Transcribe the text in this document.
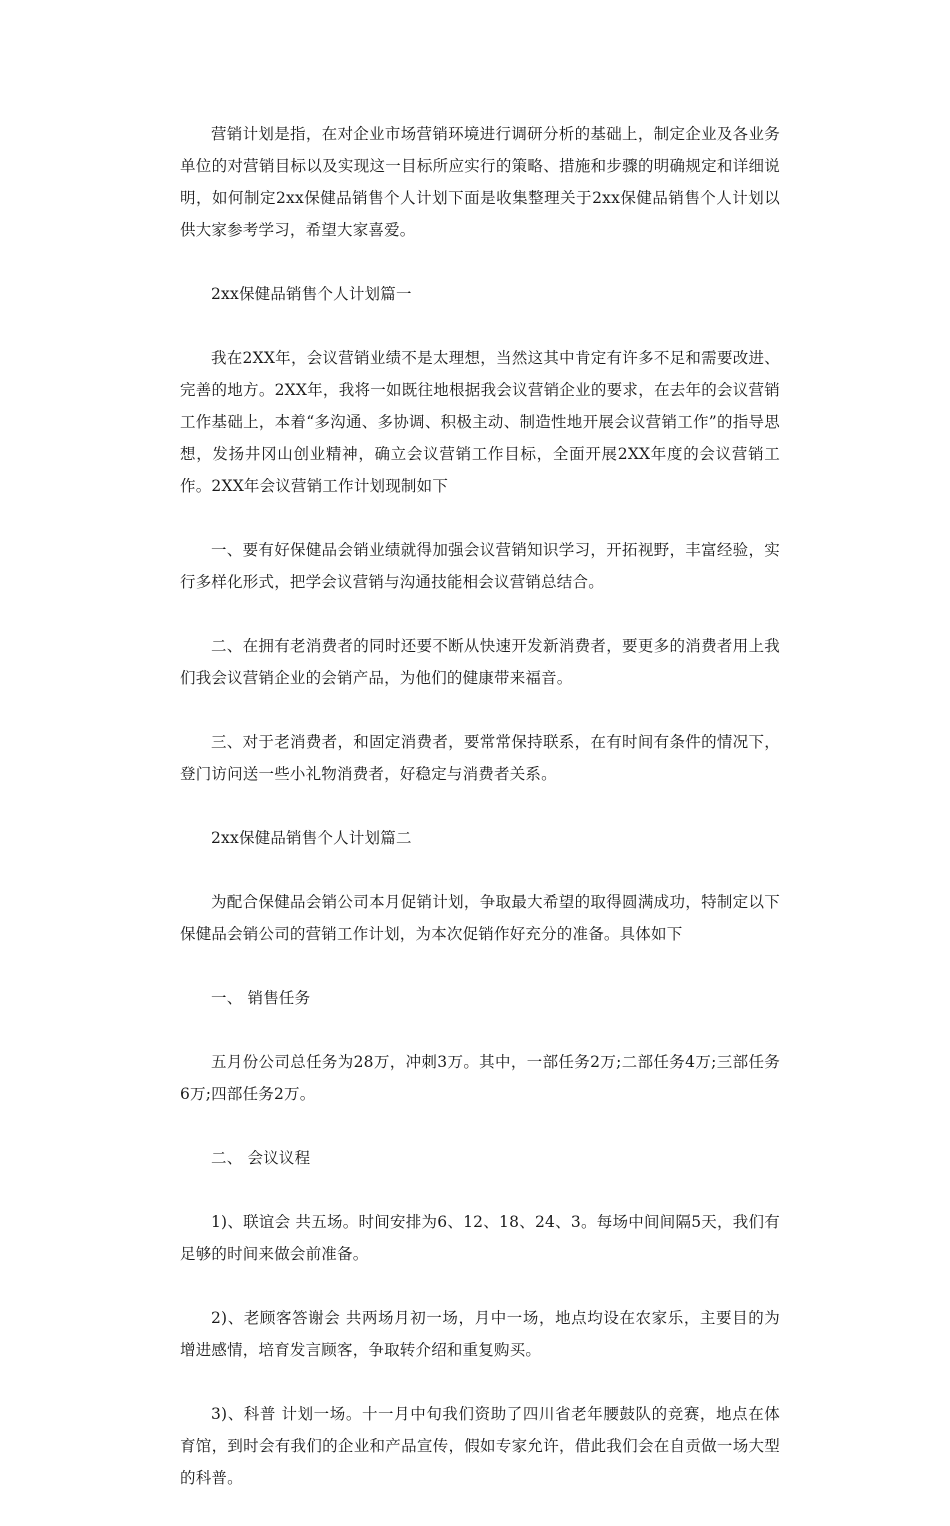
营销计划是指，在对企业市场营销环境进行调研分析的基础上，制定企业及各业务单位的对营销目标以及实现这一目标所应实行的策略、措施和步骤的明确规定和详细说明，如何制定2xx保健品销售个人计划下面是收集整理关于2xx保健品销售个人计划以供大家参考学习，希望大家喜爱。

2xx保健品销售个人计划篇一

我在2XX年，会议营销业绩不是太理想，当然这其中肯定有许多不足和需要改进、完善的地方。2XX年，我将一如既往地根据我会议营销企业的要求，在去年的会议营销工作基础上，本着“多沟通、多协调、积极主动、制造性地开展会议营销工作”的指导思想，发扬井冈山创业精神，确立会议营销工作目标，全面开展2XX年度的会议营销工作。2XX年会议营销工作计划现制如下

一、要有好保健品会销业绩就得加强会议营销知识学习，开拓视野，丰富经验，实行多样化形式，把学会议营销与沟通技能相会议营销总结合。

二、在拥有老消费者的同时还要不断从快速开发新消费者，要更多的消费者用上我们我会议营销企业的会销产品，为他们的健康带来福音。

三、对于老消费者，和固定消费者，要常常保持联系，在有时间有条件的情况下，登门访问送一些小礼物消费者，好稳定与消费者关系。

2xx保健品销售个人计划篇二

为配合保健品会销公司本月促销计划，争取最大希望的取得圆满成功，特制定以下保健品会销公司的营销工作计划，为本次促销作好充分的准备。具体如下

一、 销售任务

五月份公司总任务为28万，冲刺3万。其中，一部任务2万;二部任务4万;三部任务6万;四部任务2万。

二、 会议议程

1)、联谊会 共五场。时间安排为6、12、18、24、3。每场中间间隔5天，我们有足够的时间来做会前准备。

2)、老顾客答谢会 共两场月初一场，月中一场，地点均设在农家乐，主要目的为增进感情，培育发言顾客，争取转介绍和重复购买。

3)、科普 计划一场。十一月中旬我们资助了四川省老年腰鼓队的竞赛，地点在体育馆，到时会有我们的企业和产品宣传，假如专家允许，借此我们会在自贡做一场大型的科普。
